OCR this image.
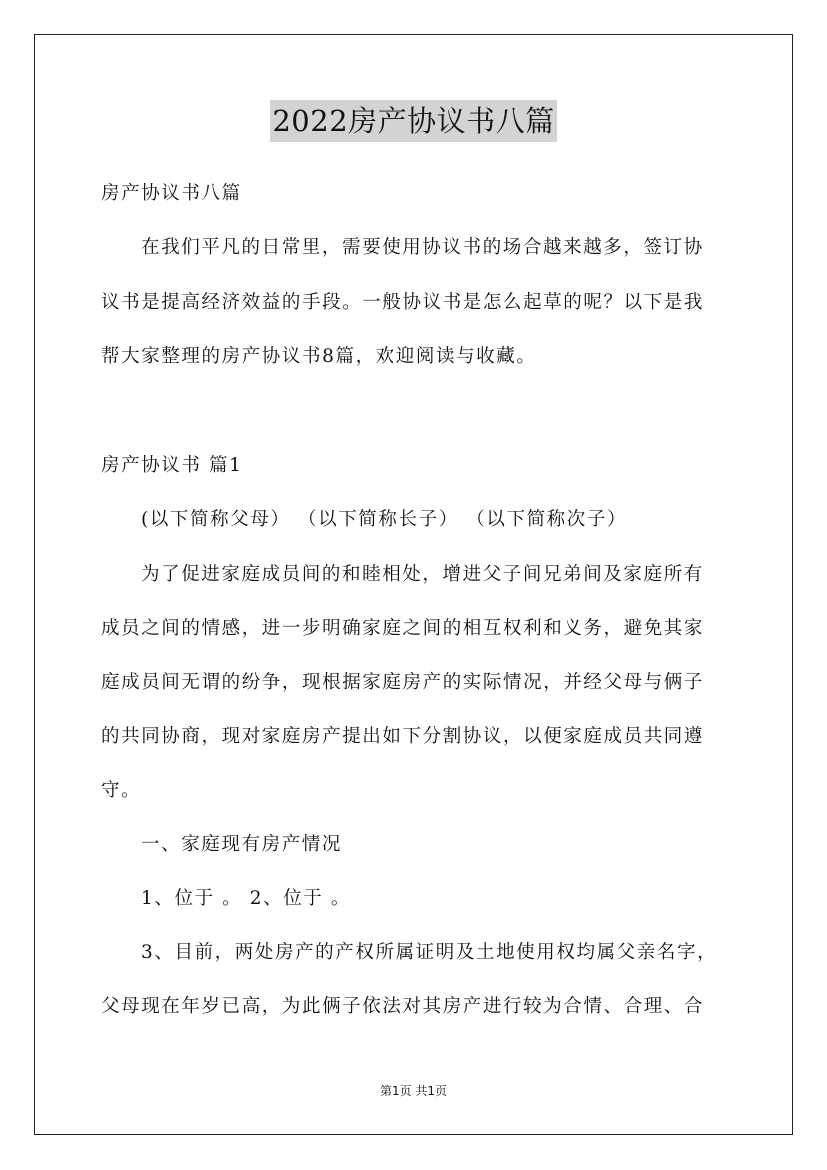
2022房产协议书八篇
房产协议书八篇
在我们平凡的日常里，需要使用协议书的场合越来越多，签订协
议书是提高经济效益的手段。一般协议书是怎么起草的呢？以下是我
帮大家整理的房产协议书8篇，欢迎阅读与收藏。
房产协议书 篇1
(以下简称父母） （以下简称长子） （以下简称次子）
为了促进家庭成员间的和睦相处，增进父子间兄弟间及家庭所有
成员之间的情感，进一步明确家庭之间的相互权利和义务，避免其家
庭成员间无谓的纷争，现根据家庭房产的实际情况，并经父母与俩子
的共同协商，现对家庭房产提出如下分割协议，以便家庭成员共同遵
守。
一、家庭现有房产情况
1、位于 。 2、位于 。
3、目前，两处房产的产权所属证明及土地使用权均属父亲名字，
父母现在年岁已高，为此俩子依法对其房产进行较为合情、合理、合
第1页 共1页
